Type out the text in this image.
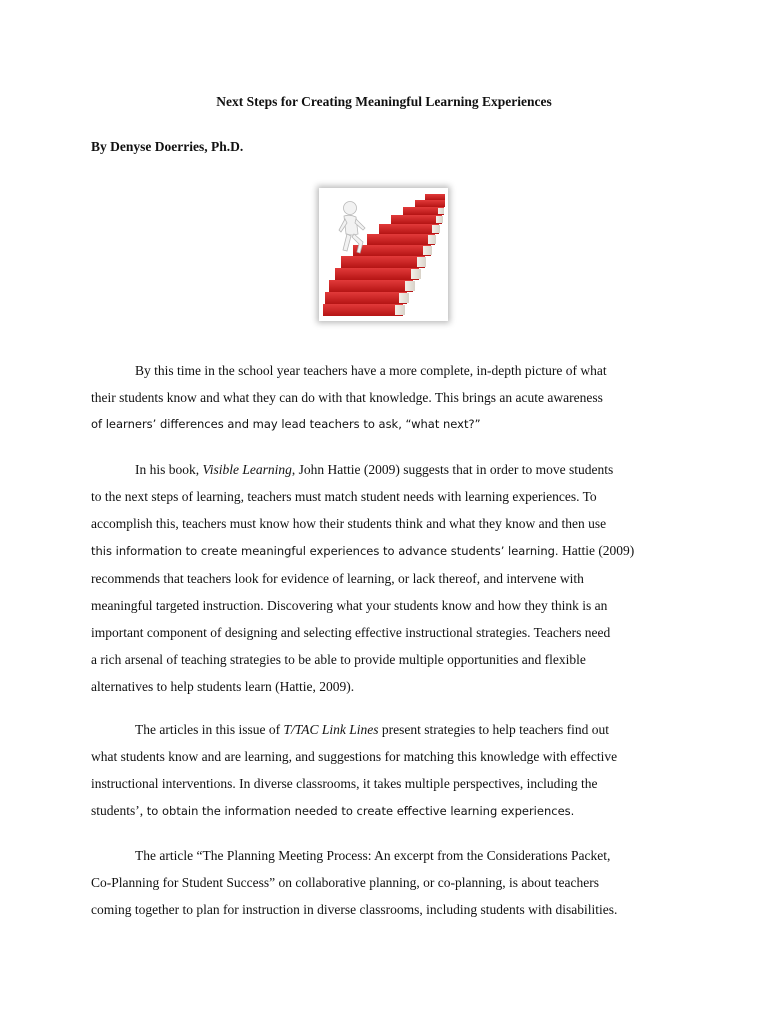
Next Steps for Creating Meaningful Learning Experiences
By Denyse Doerries, Ph.D.

By this time in the school year teachers have a more complete, in-depth picture of what
their students know and what they can do with that knowledge. This brings an acute awareness
of learners’ differences and may lead teachers to ask, “what next?”

In his book, Visible Learning, John Hattie (2009) suggests that in order to move students
to the next steps of learning, teachers must match student needs with learning experiences. To
accomplish this, teachers must know how their students think and what they know and then use
this information to create meaningful experiences to advance students’ learning. Hattie (2009)
recommends that teachers look for evidence of learning, or lack thereof, and intervene with
meaningful targeted instruction. Discovering what your students know and how they think is an
important component of designing and selecting effective instructional strategies. Teachers need
a rich arsenal of teaching strategies to be able to provide multiple opportunities and flexible
alternatives to help students learn (Hattie, 2009).

The articles in this issue of T/TAC Link Lines present strategies to help teachers find out
what students know and are learning, and suggestions for matching this knowledge with effective
instructional interventions. In diverse classrooms, it takes multiple perspectives, including the
students’, to obtain the information needed to create effective learning experiences.

The article “The Planning Meeting Process: An excerpt from the Considerations Packet,
Co-Planning for Student Success” on collaborative planning, or co-planning, is about teachers
coming together to plan for instruction in diverse classrooms, including students with disabilities.
